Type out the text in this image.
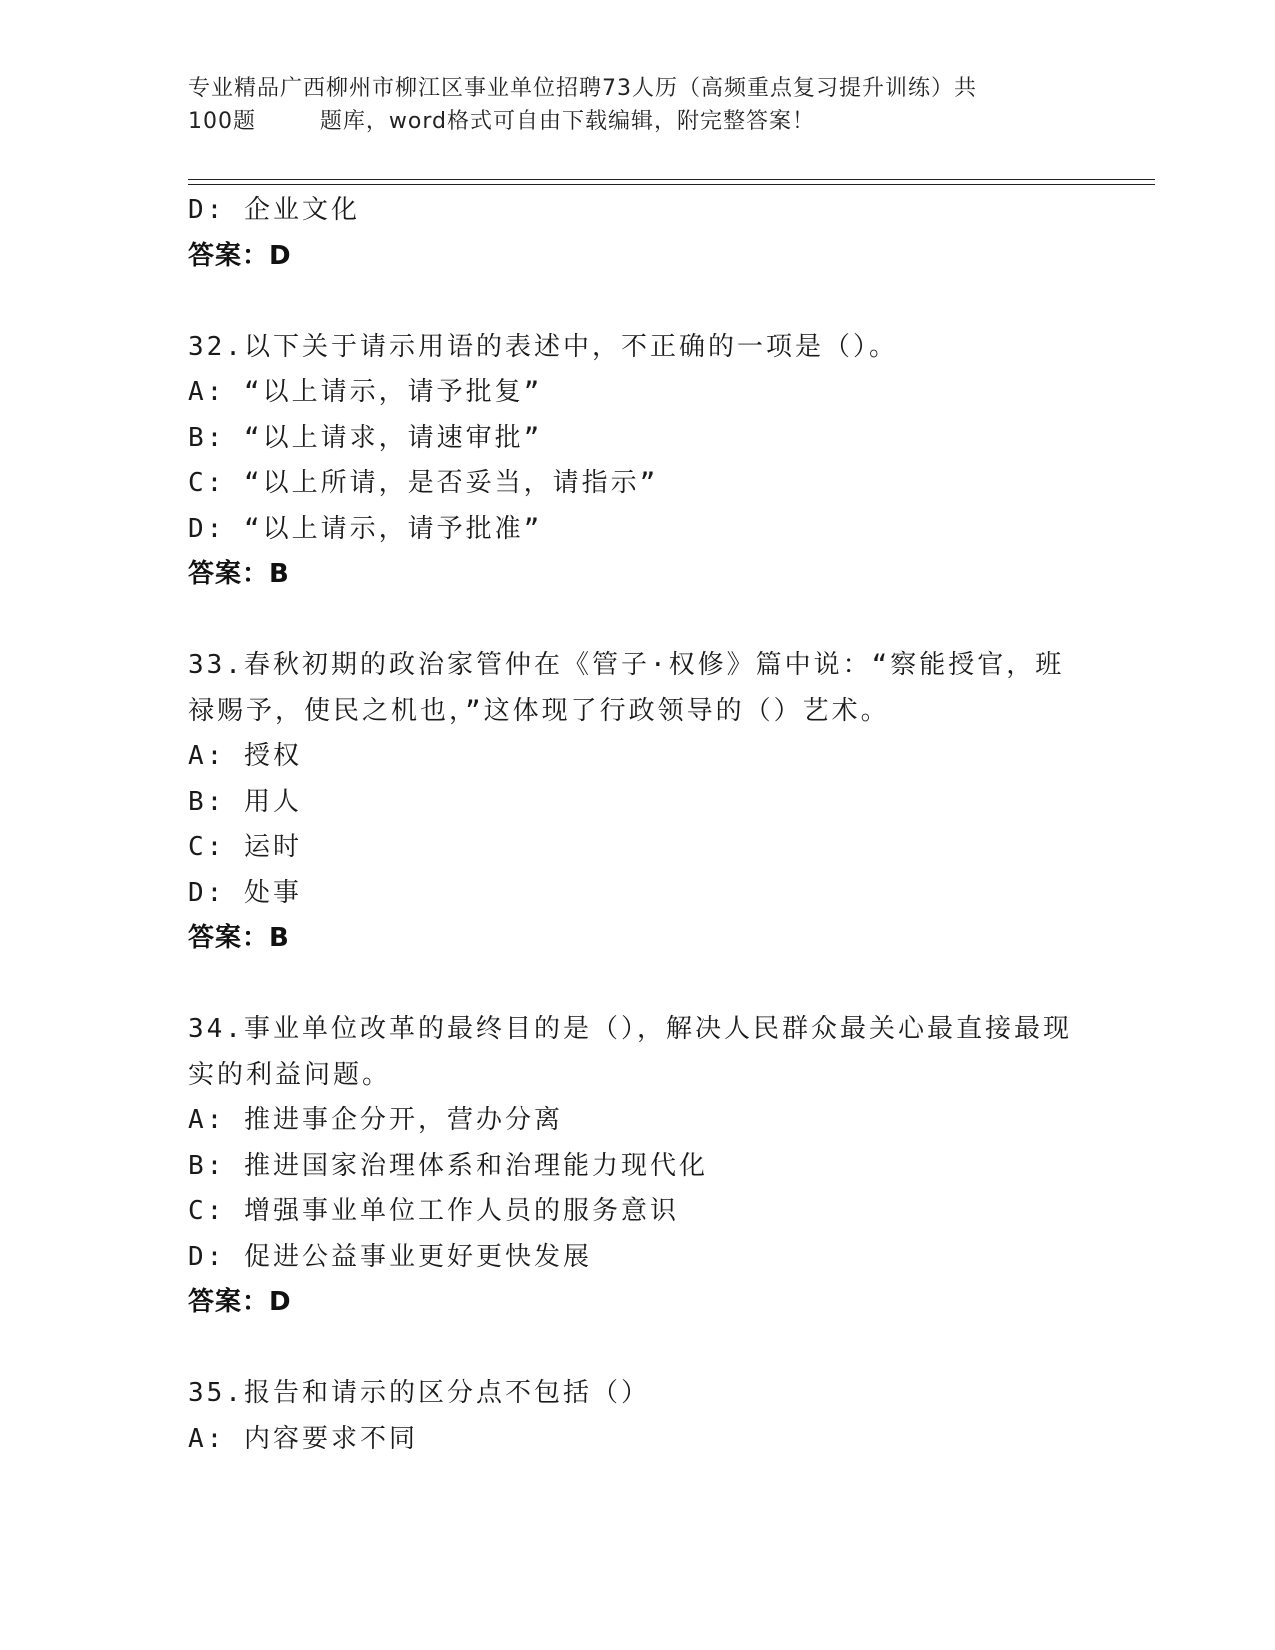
专业精品广西柳州市柳江区事业单位招聘73人历（高频重点复习提升训练）共
100题        题库，word格式可自由下载编辑，附完整答案！
D: 企业文化
答案：D
32.以下关于请示用语的表述中，不正确的一项是（）。
A: “以上请示，请予批复”
B: “以上请求，请速审批”
C: “以上所请，是否妥当，请指示”
D: “以上请示，请予批准”
答案：B
33.春秋初期的政治家管仲在《管子·权修》篇中说：“察能授官，班
禄赐予，使民之机也，”这体现了行政领导的（）艺术。
A: 授权
B: 用人
C: 运时
D: 处事
答案：B
34.事业单位改革的最终目的是（），解决人民群众最关心最直接最现
实的利益问题。
A: 推进事企分开，营办分离
B: 推进国家治理体系和治理能力现代化
C: 增强事业单位工作人员的服务意识
D: 促进公益事业更好更快发展
答案：D
35.报告和请示的区分点不包括（）
A: 内容要求不同
